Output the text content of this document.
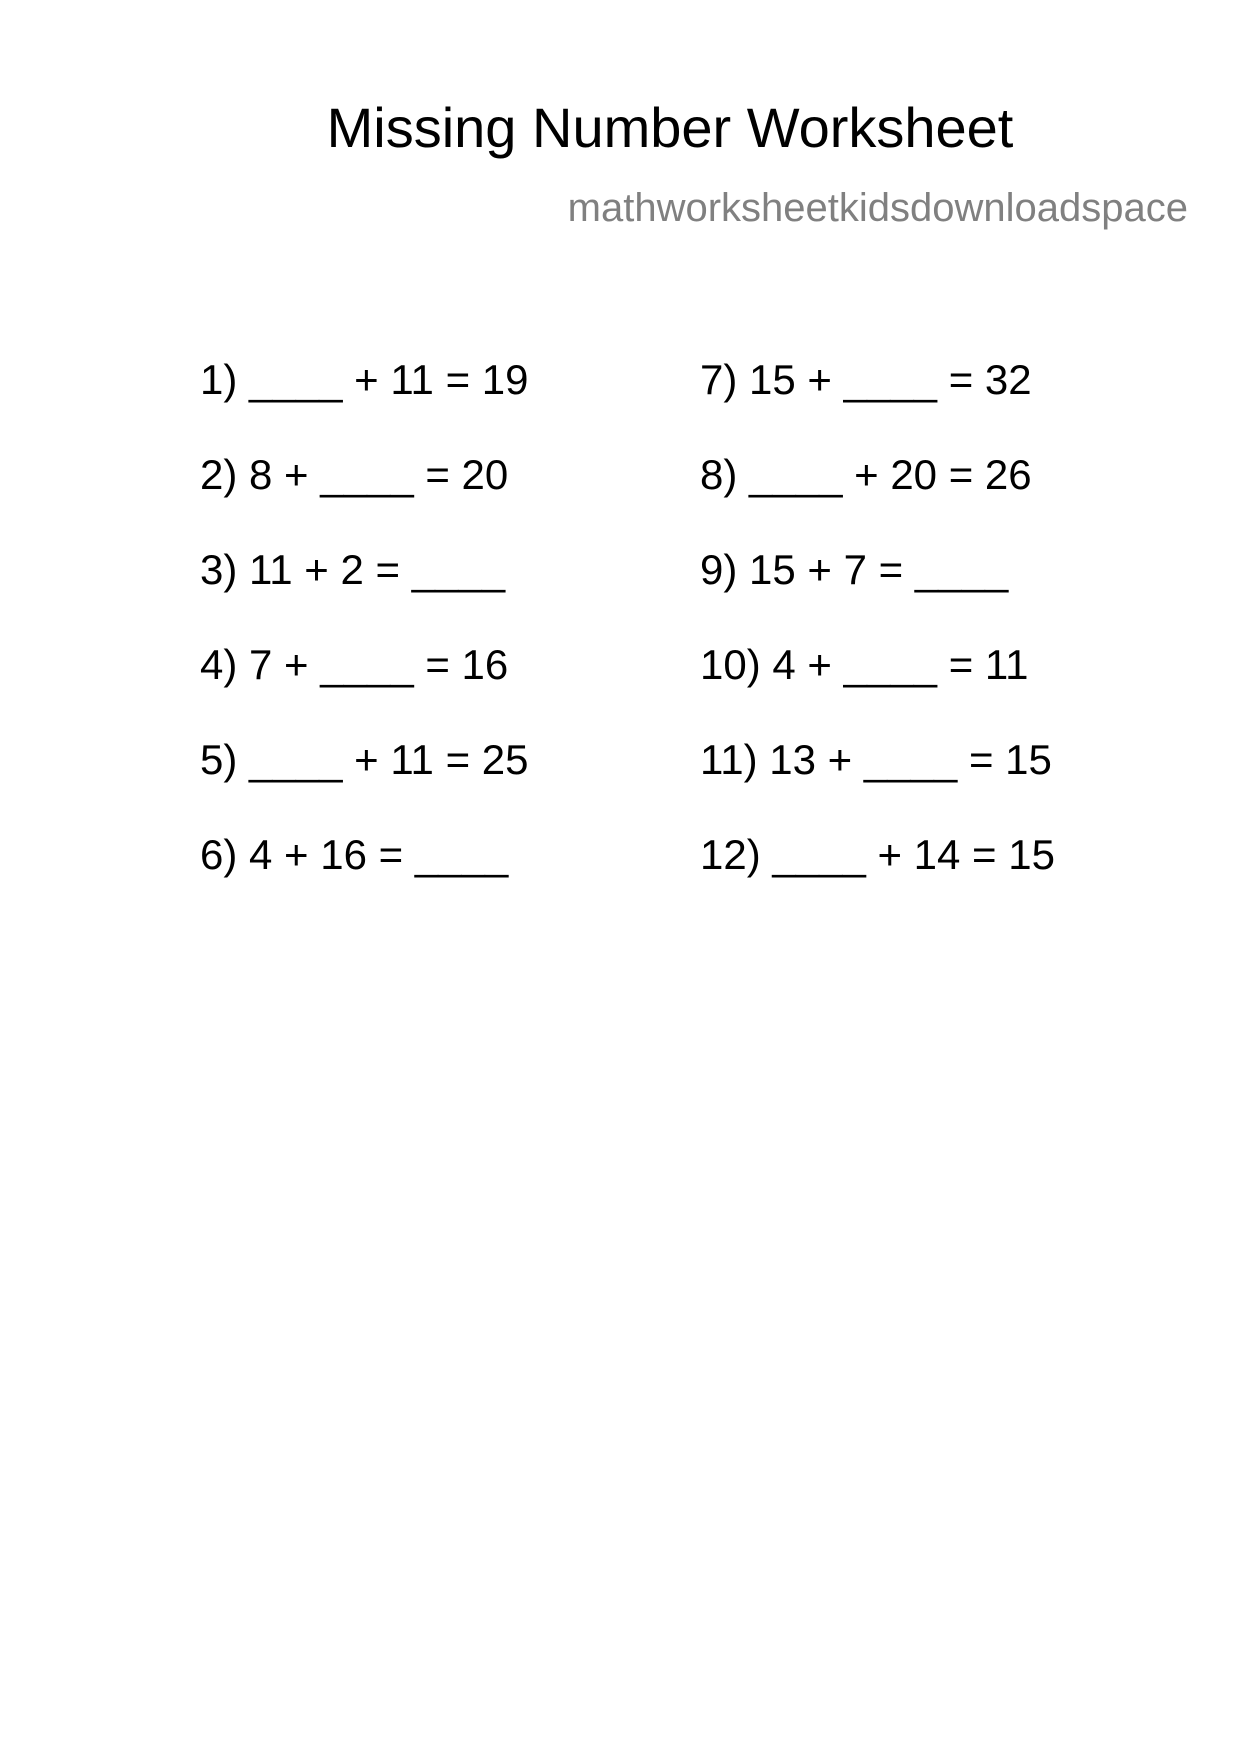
Missing Number Worksheet
mathworksheetkidsdownloadspace
1) ____ + 11 = 19
2) 8 + ____ = 20
3) 11 + 2 = ____
4) 7 + ____ = 16
5) ____ + 11 = 25
6) 4 + 16 = ____
7) 15 + ____ = 32
8) ____ + 20 = 26
9) 15 + 7 = ____
10) 4 + ____ = 11
11) 13 + ____ = 15
12) ____ + 14 = 15
